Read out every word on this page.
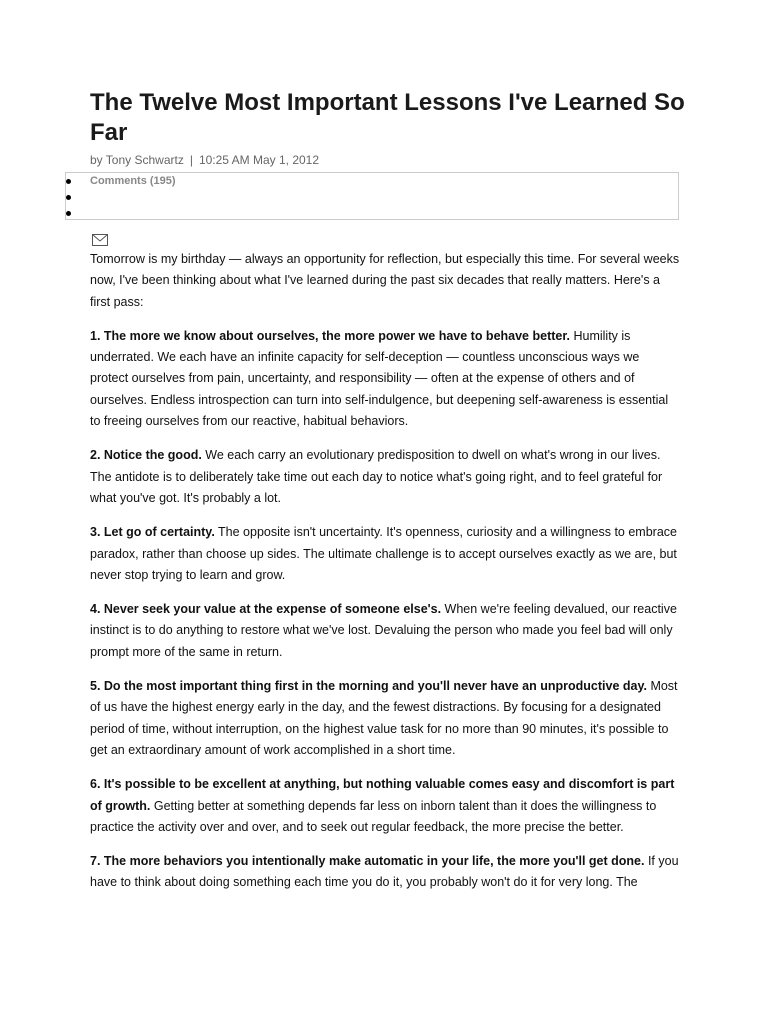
The Twelve Most Important Lessons I've Learned So Far
by Tony Schwartz | 10:25 AM May 1, 2012
Comments (195)

Tomorrow is my birthday — always an opportunity for reflection, but especially this time. For several weeks now, I've been thinking about what I've learned during the past six decades that really matters. Here's a first pass:

1. The more we know about ourselves, the more power we have to behave better. Humility is underrated. We each have an infinite capacity for self-deception — countless unconscious ways we protect ourselves from pain, uncertainty, and responsibility — often at the expense of others and of ourselves. Endless introspection can turn into self-indulgence, but deepening self-awareness is essential to freeing ourselves from our reactive, habitual behaviors.

2. Notice the good. We each carry an evolutionary predisposition to dwell on what's wrong in our lives. The antidote is to deliberately take time out each day to notice what's going right, and to feel grateful for what you've got. It's probably a lot.

3. Let go of certainty. The opposite isn't uncertainty. It's openness, curiosity and a willingness to embrace paradox, rather than choose up sides. The ultimate challenge is to accept ourselves exactly as we are, but never stop trying to learn and grow.

4. Never seek your value at the expense of someone else's. When we're feeling devalued, our reactive instinct is to do anything to restore what we've lost. Devaluing the person who made you feel bad will only prompt more of the same in return.

5. Do the most important thing first in the morning and you'll never have an unproductive day. Most of us have the highest energy early in the day, and the fewest distractions. By focusing for a designated period of time, without interruption, on the highest value task for no more than 90 minutes, it's possible to get an extraordinary amount of work accomplished in a short time.

6. It's possible to be excellent at anything, but nothing valuable comes easy and discomfort is part of growth. Getting better at something depends far less on inborn talent than it does the willingness to practice the activity over and over, and to seek out regular feedback, the more precise the better.

7. The more behaviors you intentionally make automatic in your life, the more you'll get done. If you have to think about doing something each time you do it, you probably won't do it for very long. The
